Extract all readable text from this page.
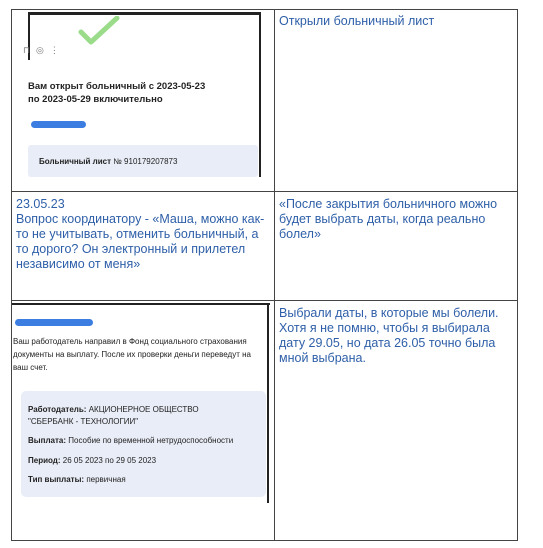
Открыли больничный лист
23.05.23
Вопрос координатору - «Маша, можно как-то не учитывать, отменить больничный, а то дорого? Он электронный и прилетел независимо от меня»
«После закрытия больничного можно будет выбрать даты, когда реально болел»
Выбрали даты, в которые мы болели. Хотя я не помню, чтобы я выбирала дату 29.05, но дата 26.05 точно была мной выбрана.
⊓◎⋮
Вам открыт больничный с 2023-05-23
по 2023-05-29 включительно
Больничный лист № 910179207873
Ваш работодатель направил в Фонд социального страхования документы на выплату. После их проверки деньги переведут на ваш счет.
Работодатель: АКЦИОНЕРНОЕ ОБЩЕСТВО
"СБЕРБАНК - ТЕХНОЛОГИИ"
Выплата: Пособие по временной нетрудоспособности
Период: 26 05 2023 по 29 05 2023
Тип выплаты: первичная
